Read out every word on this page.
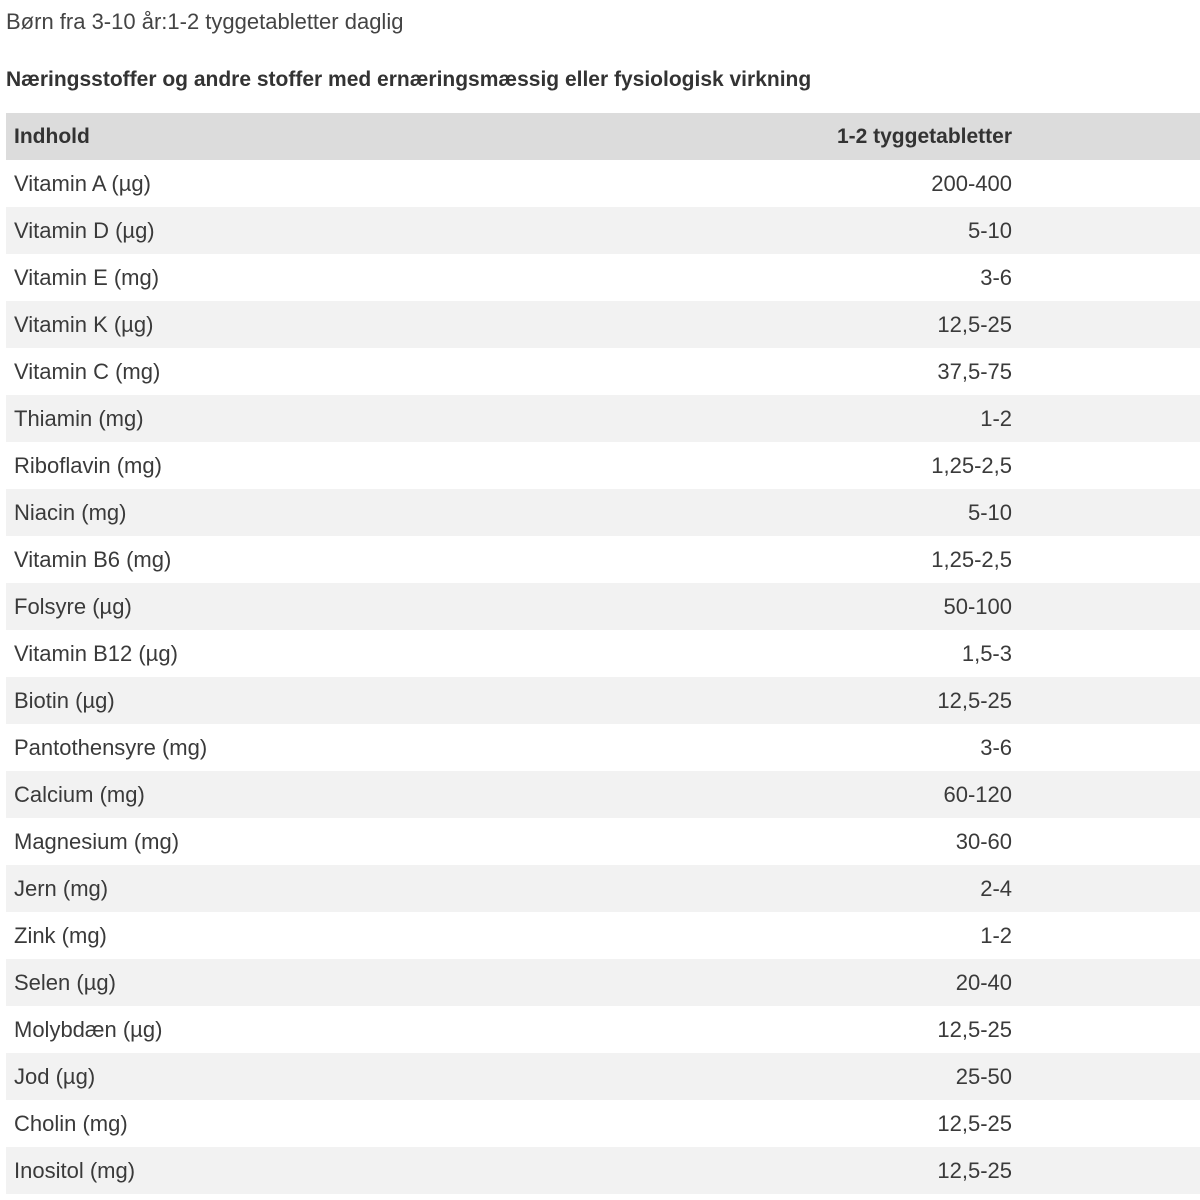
Børn fra 3-10 år:1-2 tyggetabletter daglig
Næringsstoffer og andre stoffer med ernæringsmæssig eller fysiologisk virkning
Indhold	1-2 tyggetabletter
Vitamin A (µg)	200-400
Vitamin D (µg)	5-10
Vitamin E (mg)	3-6
Vitamin K (µg)	12,5-25
Vitamin C (mg)	37,5-75
Thiamin (mg)	1-2
Riboflavin (mg)	1,25-2,5
Niacin (mg)	5-10
Vitamin B6 (mg)	1,25-2,5
Folsyre (µg)	50-100
Vitamin B12 (µg)	1,5-3
Biotin (µg)	12,5-25
Pantothensyre (mg)	3-6
Calcium (mg)	60-120
Magnesium (mg)	30-60
Jern (mg)	2-4
Zink (mg)	1-2
Selen (µg)	20-40
Molybdæn (µg)	12,5-25
Jod (µg)	25-50
Cholin (mg)	12,5-25
Inositol (mg)	12,5-25
